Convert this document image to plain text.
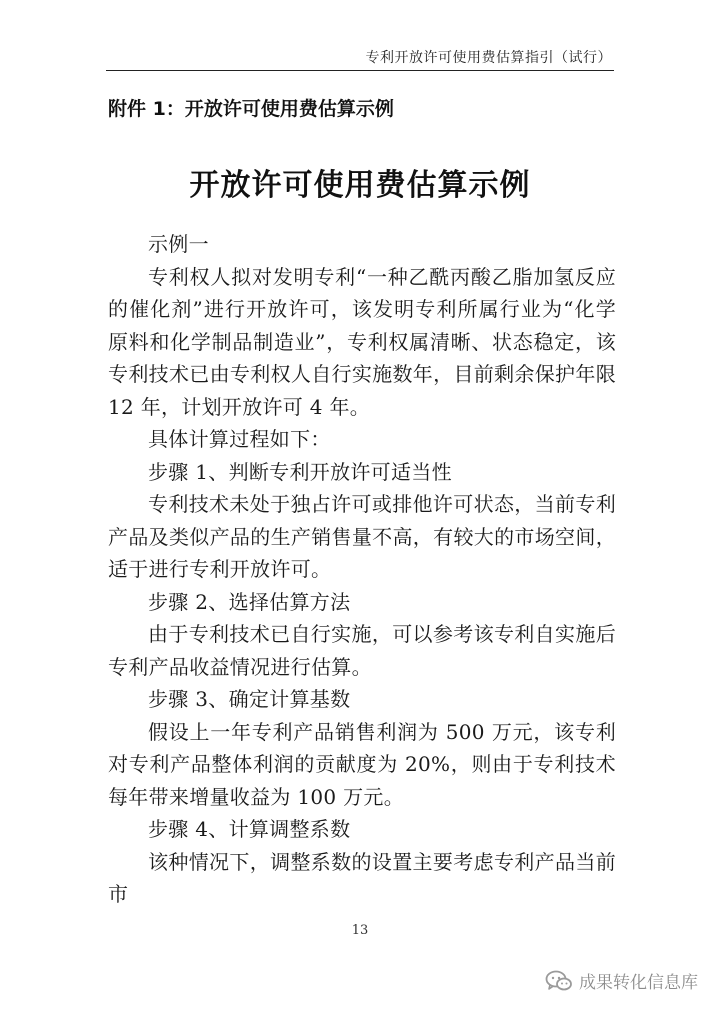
专利开放许可使用费估算指引（试行）
附件 1：开放许可使用费估算示例
开放许可使用费估算示例

示例一

专利权人拟对发明专利“一种乙酰丙酸乙脂加氢反应的催化剂”进行开放许可，该发明专利所属行业为“化学原料和化学制品制造业”，专利权属清晰、状态稳定，该专利技术已由专利权人自行实施数年，目前剩余保护年限 12 年，计划开放许可 4 年。

具体计算过程如下：

步骤 1、判断专利开放许可适当性

专利技术未处于独占许可或排他许可状态，当前专利产品及类似产品的生产销售量不高，有较大的市场空间，适于进行专利开放许可。

步骤 2、选择估算方法

由于专利技术已自行实施，可以参考该专利自实施后专利产品收益情况进行估算。

步骤 3、确定计算基数

假设上一年专利产品销售利润为 500 万元，该专利对专利产品整体利润的贡献度为 20%，则由于专利技术每年带来增量收益为 100 万元。

步骤 4、计算调整系数

该种情况下，调整系数的设置主要考虑专利产品当前市

13
成果转化信息库
